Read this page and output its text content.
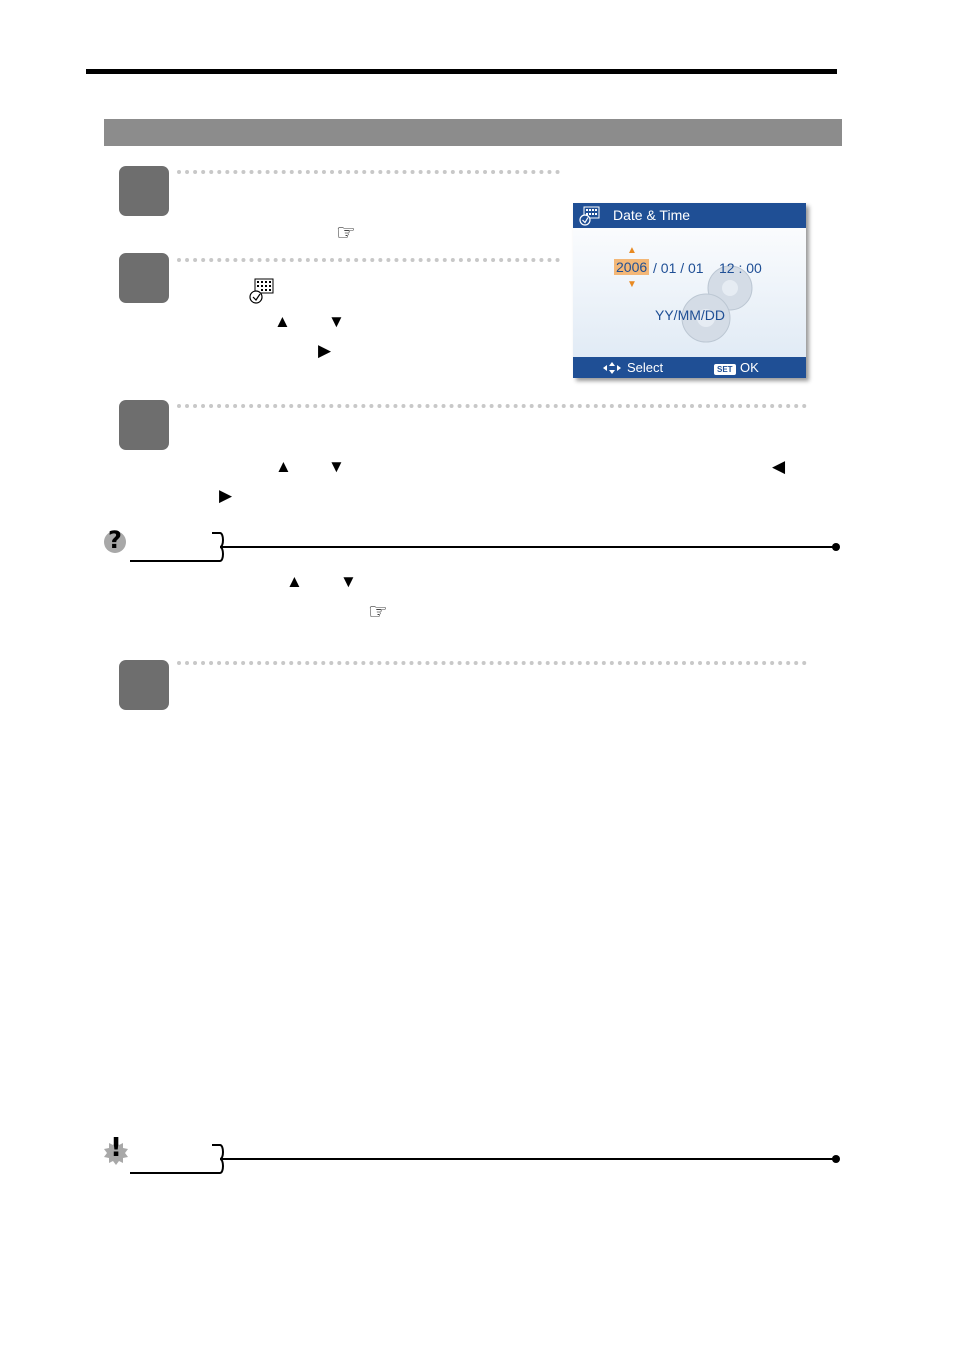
☞
▲ ▼
▶
Date & Time
▲
▼
2006 / 01 / 01 12 : 00
YY/MM/DD
Select	SET OK
▲ ▼	◀
▶
?
▲ ▼
☞
!
